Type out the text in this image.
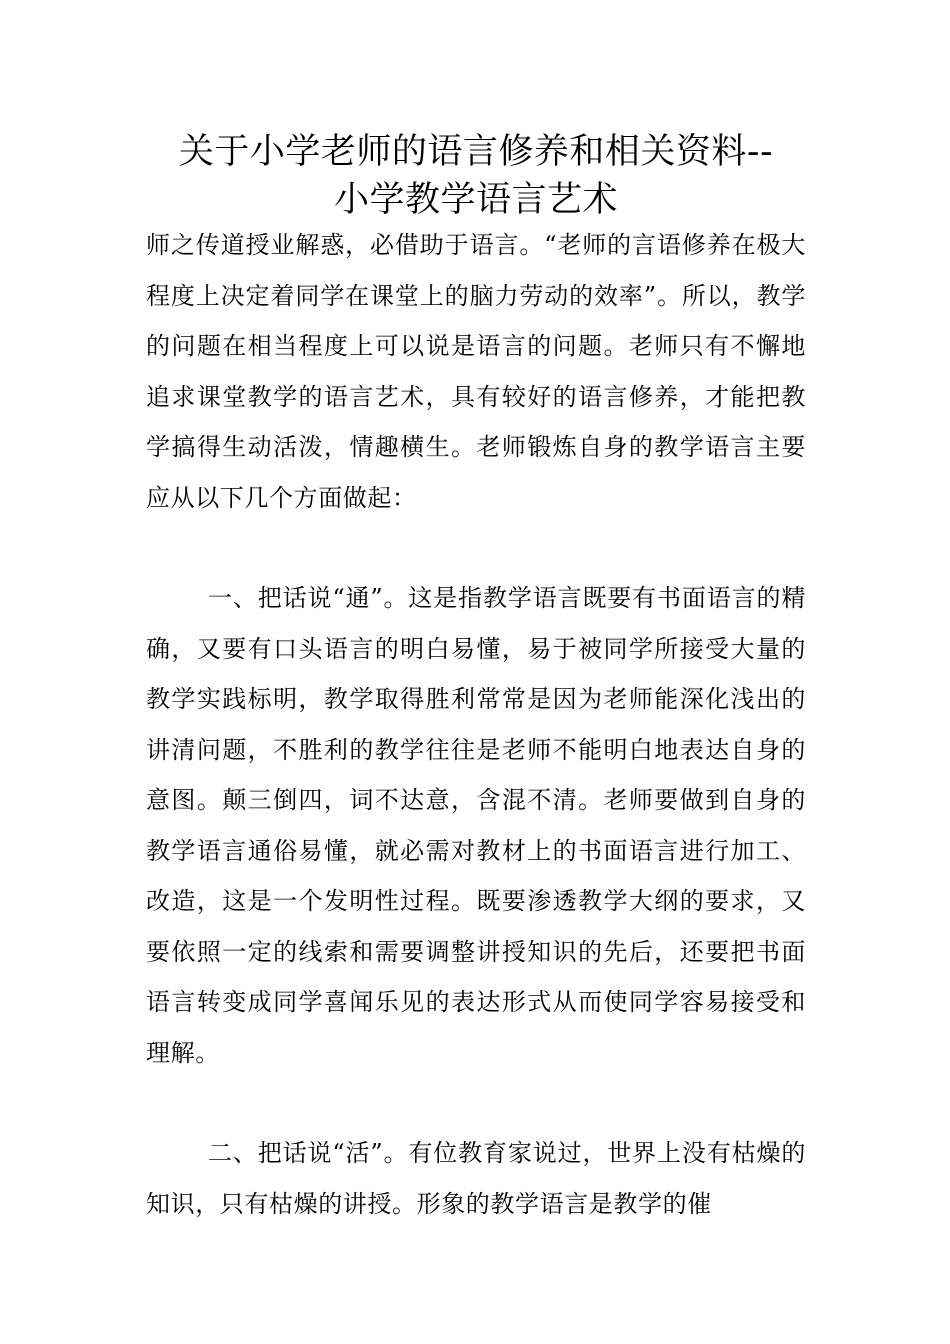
关于小学老师的语言修养和相关资料--
小学教学语言艺术

师之传道授业解惑，必借助于语言。“老师的言语修养在极大程度上决定着同学在课堂上的脑力劳动的效率”。所以，教学的问题在相当程度上可以说是语言的问题。老师只有不懈地追求课堂教学的语言艺术，具有较好的语言修养，才能把教学搞得生动活泼，情趣横生。老师锻炼自身的教学语言主要应从以下几个方面做起：

一、把话说“通”。这是指教学语言既要有书面语言的精确，又要有口头语言的明白易懂，易于被同学所接受大量的教学实践标明，教学取得胜利常常是因为老师能深化浅出的讲清问题，不胜利的教学往往是老师不能明白地表达自身的意图。颠三倒四，词不达意，含混不清。老师要做到自身的教学语言通俗易懂，就必需对教材上的书面语言进行加工、改造，这是一个发明性过程。既要渗透教学大纲的要求，又要依照一定的线索和需要调整讲授知识的先后，还要把书面语言转变成同学喜闻乐见的表达形式从而使同学容易接受和理解。

二、把话说“活”。有位教育家说过，世界上没有枯燥的知识，只有枯燥的讲授。形象的教学语言是教学的催
